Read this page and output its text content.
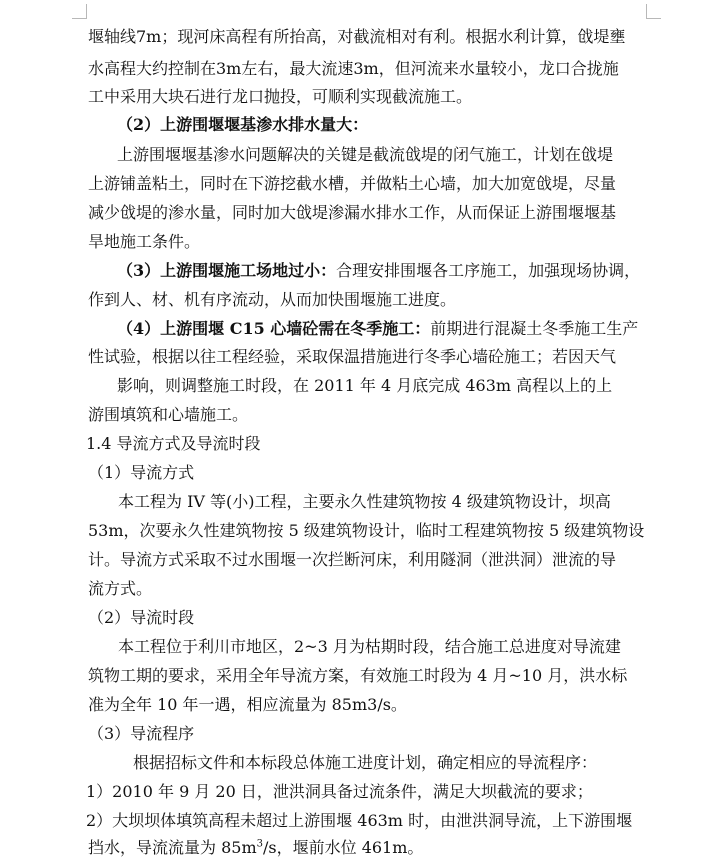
堰轴线7m；现河床高程有所抬高，对截流相对有利。根据水利计算，戗堤壅
水高程大约控制在3m左右，最大流速3m，但河流来水量较小，龙口合拢施
工中采用大块石进行龙口抛投，可顺利实现截流施工。
（2）上游围堰堰基渗水排水量大：
上游围堰堰基渗水问题解决的关键是截流戗堤的闭气施工，计划在戗堤
上游铺盖粘土，同时在下游挖截水槽，并做粘土心墙，加大加宽戗堤，尽量
减少戗堤的渗水量，同时加大戗堤渗漏水排水工作，从而保证上游围堰堰基
旱地施工条件。
（3）上游围堰施工场地过小：合理安排围堰各工序施工，加强现场协调，
作到人、材、机有序流动，从而加快围堰施工进度。
（4）上游围堰 C15 心墙砼需在冬季施工：前期进行混凝土冬季施工生产
性试验，根据以往工程经验，采取保温措施进行冬季心墙砼施工；若因天气
影响，则调整施工时段，在 2011 年 4 月底完成 463m 高程以上的上
游围填筑和心墙施工。
1.4 导流方式及导流时段
（1）导流方式
本工程为 IV 等(小)工程，主要永久性建筑物按 4 级建筑物设计，坝高
53m，次要永久性建筑物按 5 级建筑物设计，临时工程建筑物按 5 级建筑物设
计。导流方式采取不过水围堰一次拦断河床，利用隧洞（泄洪洞）泄流的导
流方式。
（2）导流时段
本工程位于利川市地区，2~3 月为枯期时段，结合施工总进度对导流建
筑物工期的要求，采用全年导流方案，有效施工时段为 4 月~10 月，洪水标
准为全年 10 年一遇，相应流量为 85m3/s。
（3）导流程序
根据招标文件和本标段总体施工进度计划，确定相应的导流程序：
1）2010 年 9 月 20 日，泄洪洞具备过流条件，满足大坝截流的要求；
2）大坝坝体填筑高程未超过上游围堰 463m 时，由泄洪洞导流，上下游围堰
挡水，导流流量为 $85m^3/s$，堰前水位 461m。
